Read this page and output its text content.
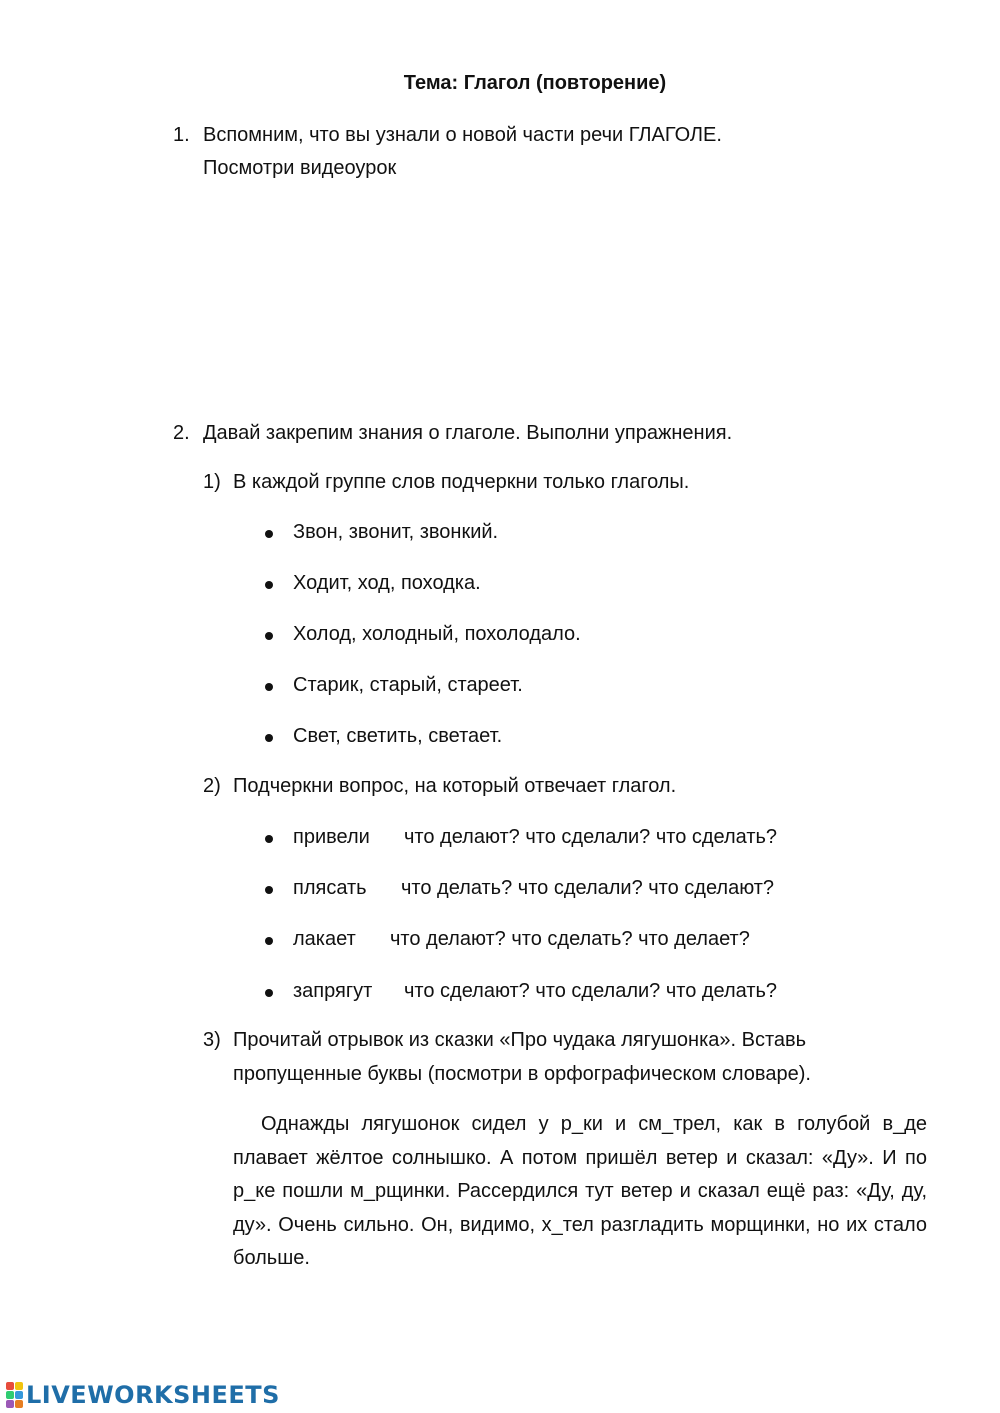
Тема: Глагол (повторение)
1. Вспомним, что вы узнали о новой части речи ГЛАГОЛЕ.
Посмотри видеоурок
2. Давай закрепим знания о глаголе. Выполни упражнения.
1) В каждой группе слов подчеркни только глаголы.
Звон, звонит, звонкий.
Ходит, ход, походка.
Холод, холодный, похолодало.
Старик, старый, стареет.
Свет, светить, светает.
2) Подчеркни вопрос, на который отвечает глагол.
привели что делают? что сделали? что сделать?
плясать что делать? что сделали? что сделают?
лакает что делают? что сделать? что делает?
запрягут что сделают? что сделали? что делать?
3) Прочитай отрывок из сказки «Про чудака лягушонка». Вставь
пропущенные буквы (посмотри в орфографическом словаре).
Однажды лягушонок сидел у р_ки и см_трел, как в голубой в_де плавает жёлтое солнышко. А потом пришёл ветер и сказал: «Ду». И по р_ке пошли м_рщинки. Рассердился тут ветер и сказал ещё раз: «Ду, ду, ду». Очень сильно. Он, видимо, х_тел разгладить морщинки, но их стало больше.
LIVEWORKSHEETS
